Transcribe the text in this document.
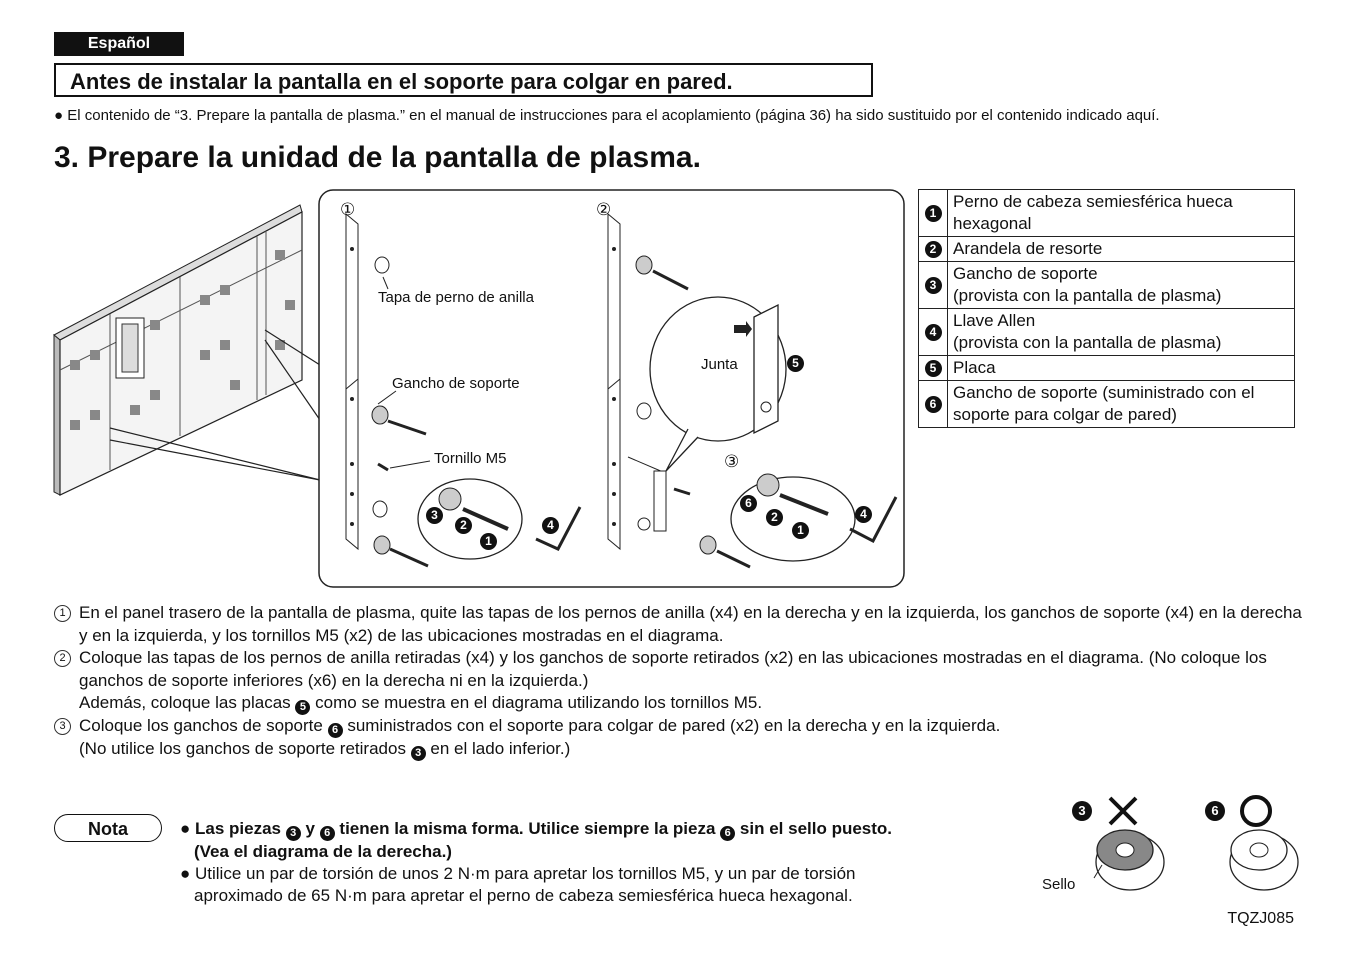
Español
Antes de instalar la pantalla en el soporte para colgar en pared.
● El contenido de “3. Prepare la pantalla de plasma.” en el manual de instrucciones para el acoplamiento (página 36) ha sido sustituido por el contenido indicado aquí.
3. Prepare la unidad de la pantalla de plasma.
①	②
③
Tapa de perno de anilla
Gancho de soporte
Tornillo M5
Junta
3
2
1
4
5
6
2
1
4
1	Perno de cabeza semiesférica hueca
hexagonal

2	Arandela de resorte

3	Gancho de soporte
(provista con la pantalla de plasma)

4	Llave Allen
(provista con la pantalla de plasma)

5	Placa

6	Gancho de soporte (suministrado con el
soporte para colgar de pared)
1 En el panel trasero de la pantalla de plasma, quite las tapas de los pernos de anilla (x4) en la derecha y en la izquierda, los ganchos de soporte (x4) en la derecha y en la izquierda, y los tornillos M5 (x2) de las ubicaciones mostradas en el diagrama.
2 Coloque las tapas de los pernos de anilla retiradas (x4) y los ganchos de soporte retirados (x2) en las ubicaciones mostradas en el diagrama. (No coloque los ganchos de soporte inferiores (x6) en la derecha ni en la izquierda.)
Además, coloque las placas 5 como se muestra en el diagrama utilizando los tornillos M5.
3 Coloque los ganchos de soporte 6 suministrados con el soporte para colgar de pared (x2) en la derecha y en la izquierda.
(No utilice los ganchos de soporte retirados 3 en el lado inferior.)
Nota	● Las piezas 3 y 6 tienen la misma forma. Utilice siempre la pieza 6 sin el sello puesto.
(Vea el diagrama de la derecha.)
● Utilice un par de torsión de unos 2 N·m para apretar los tornillos M5, y un par de torsión
aproximado de 65 N·m para apretar el perno de cabeza semiesférica hueca hexagonal.
3	6
Sello
TQZJ085
